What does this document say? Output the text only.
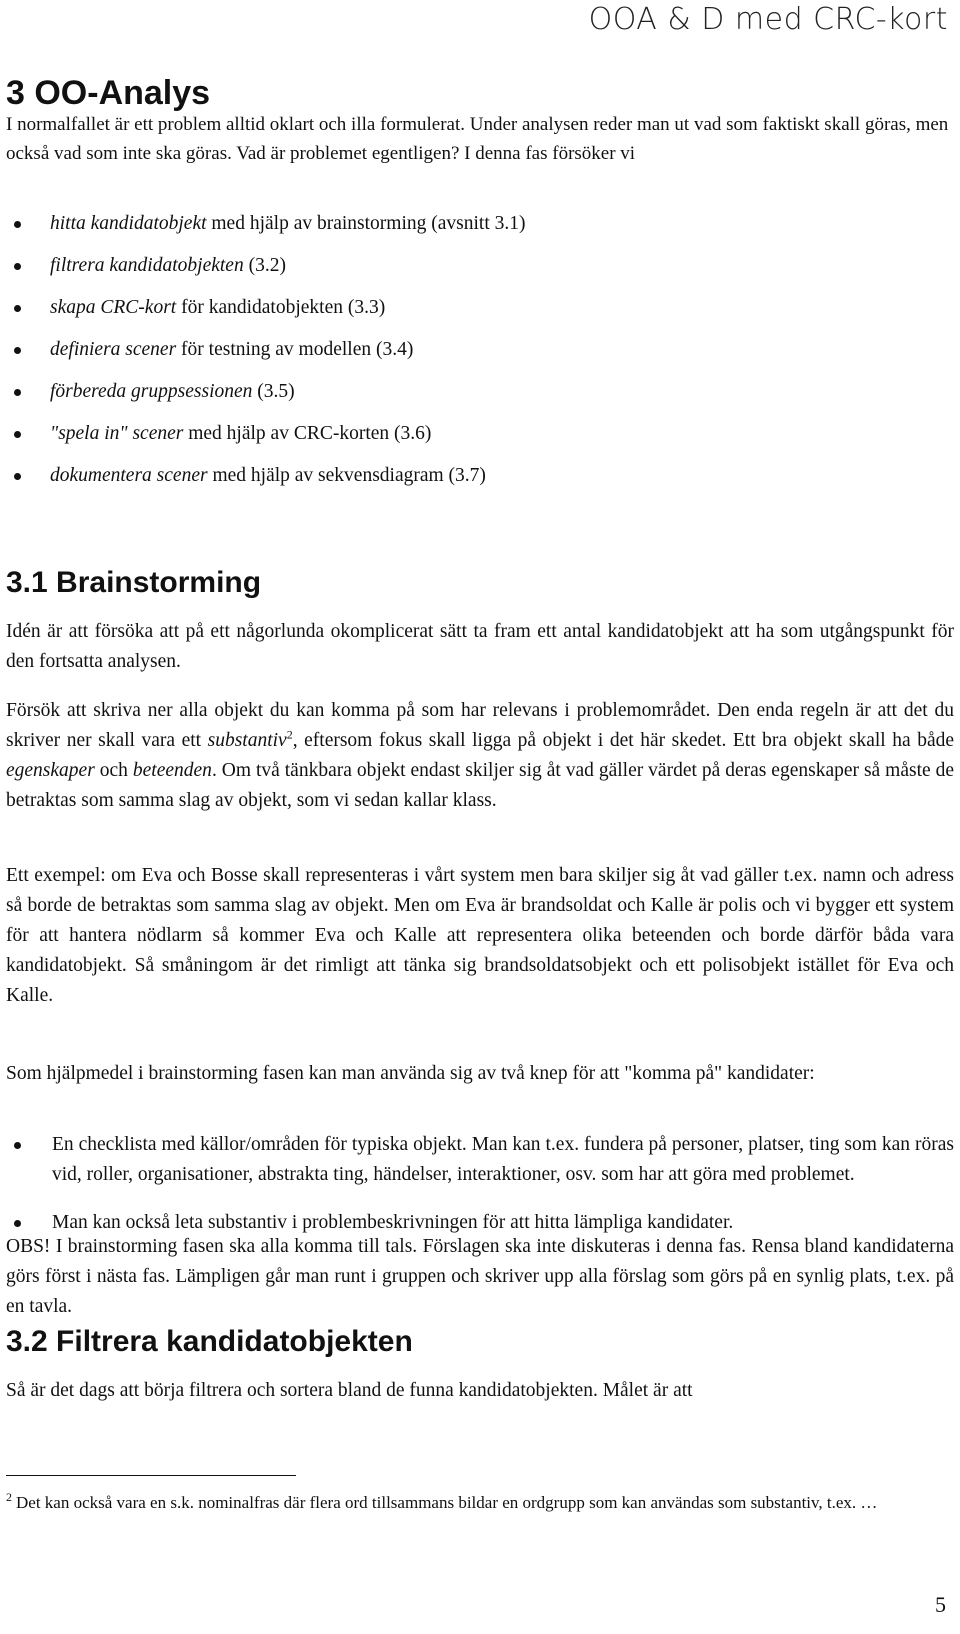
OOA & D med CRC-kort
3 OO-Analys

I normalfallet är ett problem alltid oklart och illa formulerat. Under analysen reder man ut vad som faktiskt skall göras, men också vad som inte ska göras. Vad är problemet egentligen? I denna fas försöker vi

hitta kandidatobjekt med hjälp av brainstorming (avsnitt 3.1)
filtrera kandidatobjekten (3.2)
skapa CRC-kort för kandidatobjekten (3.3)
definiera scener för testning av modellen (3.4)
förbereda gruppsessionen (3.5)
"spela in" scener med hjälp av CRC-korten (3.6)
dokumentera scener med hjälp av sekvensdiagram (3.7)
3.1 Brainstorming

Idén är att försöka att på ett någorlunda okomplicerat sätt ta fram ett antal kandidatobjekt att ha som utgångspunkt för den fortsatta analysen.

Försök att skriva ner alla objekt du kan komma på som har relevans i problemområdet. Den enda regeln är att det du skriver ner skall vara ett substantiv$^2$, eftersom fokus skall ligga på objekt i det här skedet. Ett bra objekt skall ha både egenskaper och beteenden. Om två tänkbara objekt endast skiljer sig åt vad gäller värdet på deras egenskaper så måste de betraktas som samma slag av objekt, som vi sedan kallar klass.

Ett exempel: om Eva och Bosse skall representeras i vårt system men bara skiljer sig åt vad gäller t.ex. namn och adress så borde de betraktas som samma slag av objekt. Men om Eva är brandsoldat och Kalle är polis och vi bygger ett system för att hantera nödlarm så kommer Eva och Kalle att representera olika beteenden och borde därför båda vara kandidatobjekt. Så småningom är det rimligt att tänka sig brandsoldatsobjekt och ett polisobjekt istället för Eva och Kalle.

Som hjälpmedel i brainstorming fasen kan man använda sig av två knep för att "komma på" kandidater:

En checklista med källor/områden för typiska objekt. Man kan t.ex. fundera på personer, platser, ting som kan röras vid, roller, organisationer, abstrakta ting, händelser, interaktioner, osv. som har att göra med problemet.
Man kan också leta substantiv i problembeskrivningen för att hitta lämpliga kandidater.

OBS! I brainstorming fasen ska alla komma till tals. Förslagen ska inte diskuteras i denna fas. Rensa bland kandidaterna görs först i nästa fas. Lämpligen går man runt i gruppen och skriver upp alla förslag som görs på en synlig plats, t.ex. på en tavla.

3.2 Filtrera kandidatobjekten

Så är det dags att börja filtrera och sortera bland de funna kandidatobjekten. Målet är att

$^2$ Det kan också vara en s.k. nominalfras där flera ord tillsammans bildar en ordgrupp som kan användas som substantiv, t.ex. …
5
